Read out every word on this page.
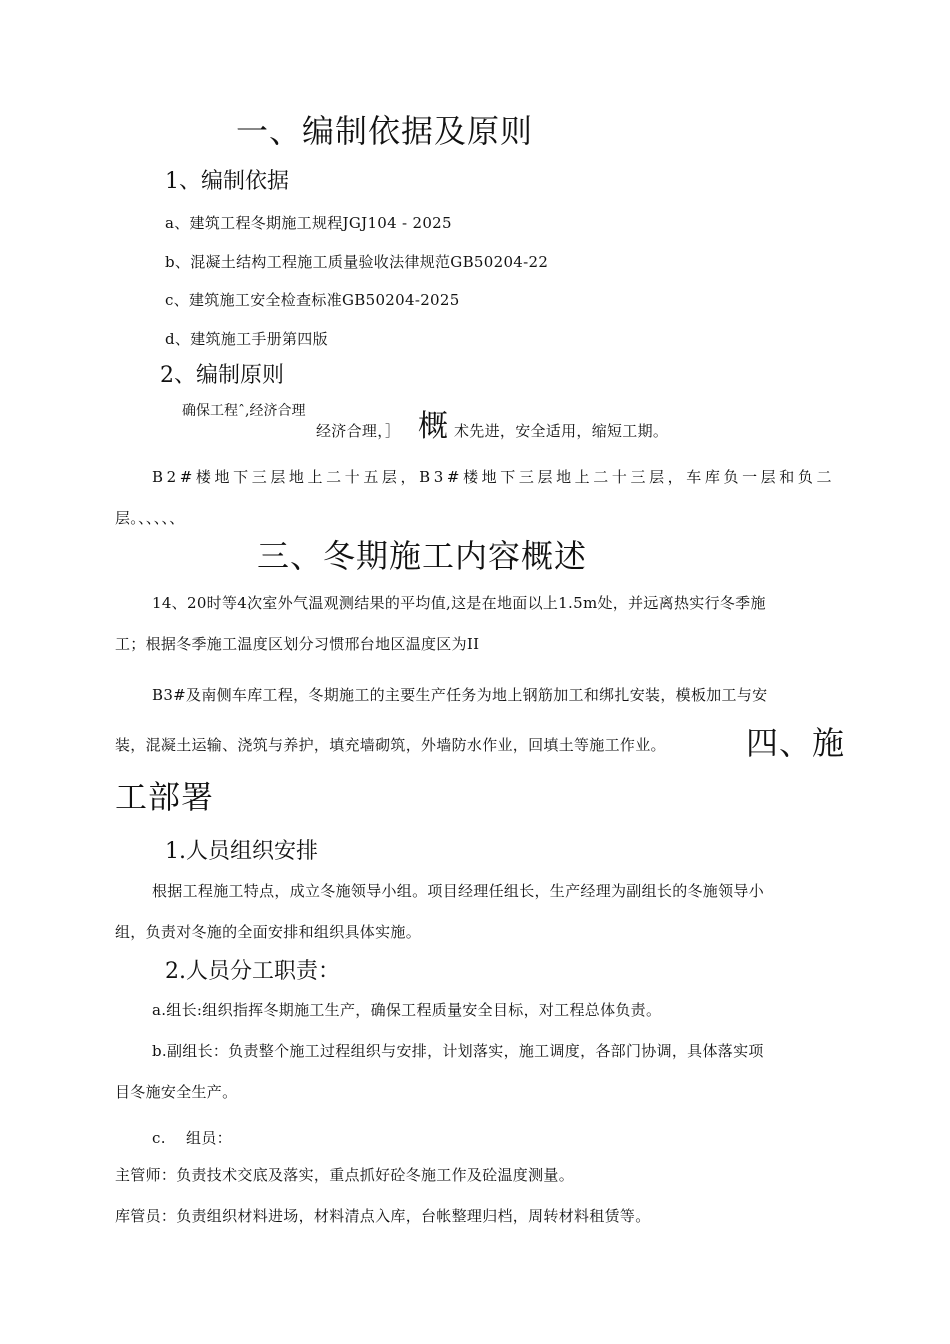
一、编制依据及原则
1、编制依据

a、建筑工程冬期施工规程JGJ104 - 2025

b、混凝土结构工程施工质量验收法律规范GB50204-22

c、建筑施工安全检查标准GB50204-2025

d、建筑施工手册第四版

2、编制原则

确保工程ˆ,经济合理

经济合理，］ 概 术先进，安全适用，缩短工期。

B2#楼地下三层地上二十五层，B3#楼地下三层地上二十三层，车库负一层和负二

层。、、、、、

三、冬期施工内容概述

14、20时等4次室外气温观测结果的平均值,这是在地面以上1.5m处，并远离热实行冬季施

工；根据冬季施工温度区划分习惯邢台地区温度区为II

B3#及南侧车库工程，冬期施工的主要生产任务为地上钢筋加工和绑扎安装，模板加工与安

装，混凝土运输、浇筑与养护，填充墙砌筑，外墙防水作业，回填土等施工作业。	四、施
工部署
1.人员组织安排

根据工程施工特点，成立冬施领导小组。项目经理任组长，生产经理为副组长的冬施领导小

组，负责对冬施的全面安排和组织具体实施。

2.人员分工职责：

a.组长:组织指挥冬期施工生产，确保工程质量安全目标，对工程总体负责。

b.副组长：负责整个施工过程组织与安排，计划落实，施工调度，各部门协调，具体落实项

目冬施安全生产。

c.    组员：

主管师：负责技术交底及落实，重点抓好砼冬施工作及砼温度测量。

库管员：负责组织材料进场，材料清点入库，台帐整理归档，周转材料租赁等。
